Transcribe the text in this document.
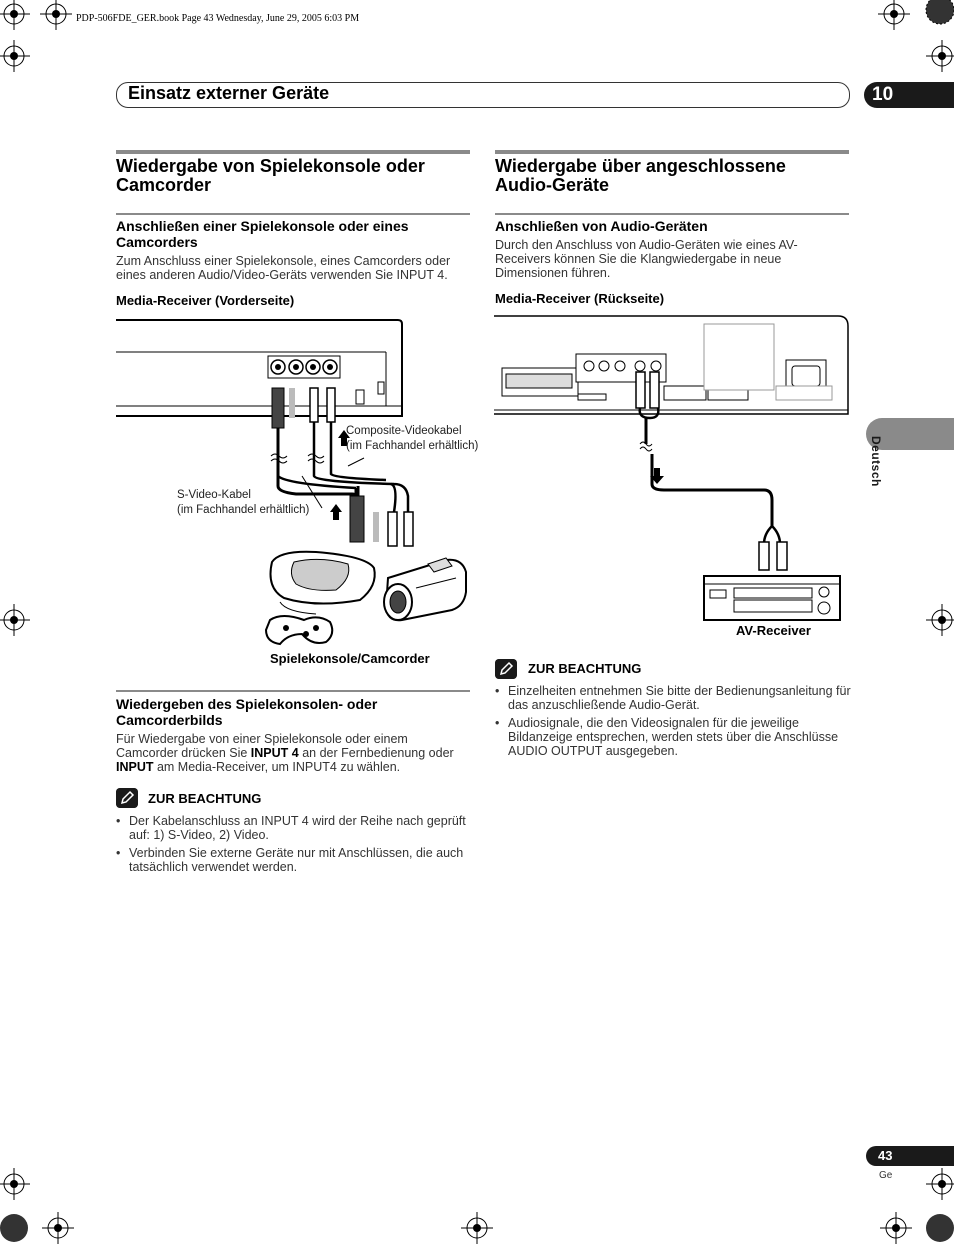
PDP-506FDE_GER.book Page 43 Wednesday, June 29, 2005 6:03 PM
Einsatz externer Geräte	10
Deutsch
Wiedergabe von Spielekonsole oder
Camcorder
Anschließen einer Spielekonsole oder eines
Camcorders
Zum Anschluss einer Spielekonsole, eines Camcorders oder
eines anderen Audio/Video-Geräts verwenden Sie INPUT 4.
Media-Receiver (Vorderseite)
Composite-Videokabel
(im Fachhandel erhältlich)
S-Video-Kabel
(im Fachhandel erhältlich)
Spielekonsole/Camcorder
Wiedergeben des Spielekonsolen- oder
Camcorderbilds
Für Wiedergabe von einer Spielekonsole oder einem
Camcorder drücken Sie INPUT 4 an der Fernbedienung oder
INPUT am Media-Receiver, um INPUT4 zu wählen.
ZUR BEACHTUNG
• Der Kabelanschluss an INPUT 4 wird der Reihe nach geprüft auf: 1) S-Video, 2) Video.
• Verbinden Sie externe Geräte nur mit Anschlüssen, die auch tatsächlich verwendet werden.
Wiedergabe über angeschlossene
Audio-Geräte
Anschließen von Audio-Geräten
Durch den Anschluss von Audio-Geräten wie eines AV-
Receivers können Sie die Klangwiedergabe in neue
Dimensionen führen.
Media-Receiver (Rückseite)
AV-Receiver
ZUR BEACHTUNG
• Einzelheiten entnehmen Sie bitte der Bedienungsanleitung für das anzuschließende Audio-Gerät.
• Audiosignale, die den Videosignalen für die jeweilige Bildanzeige entsprechen, werden stets über die Anschlüsse AUDIO OUTPUT ausgegeben.
43
Ge
